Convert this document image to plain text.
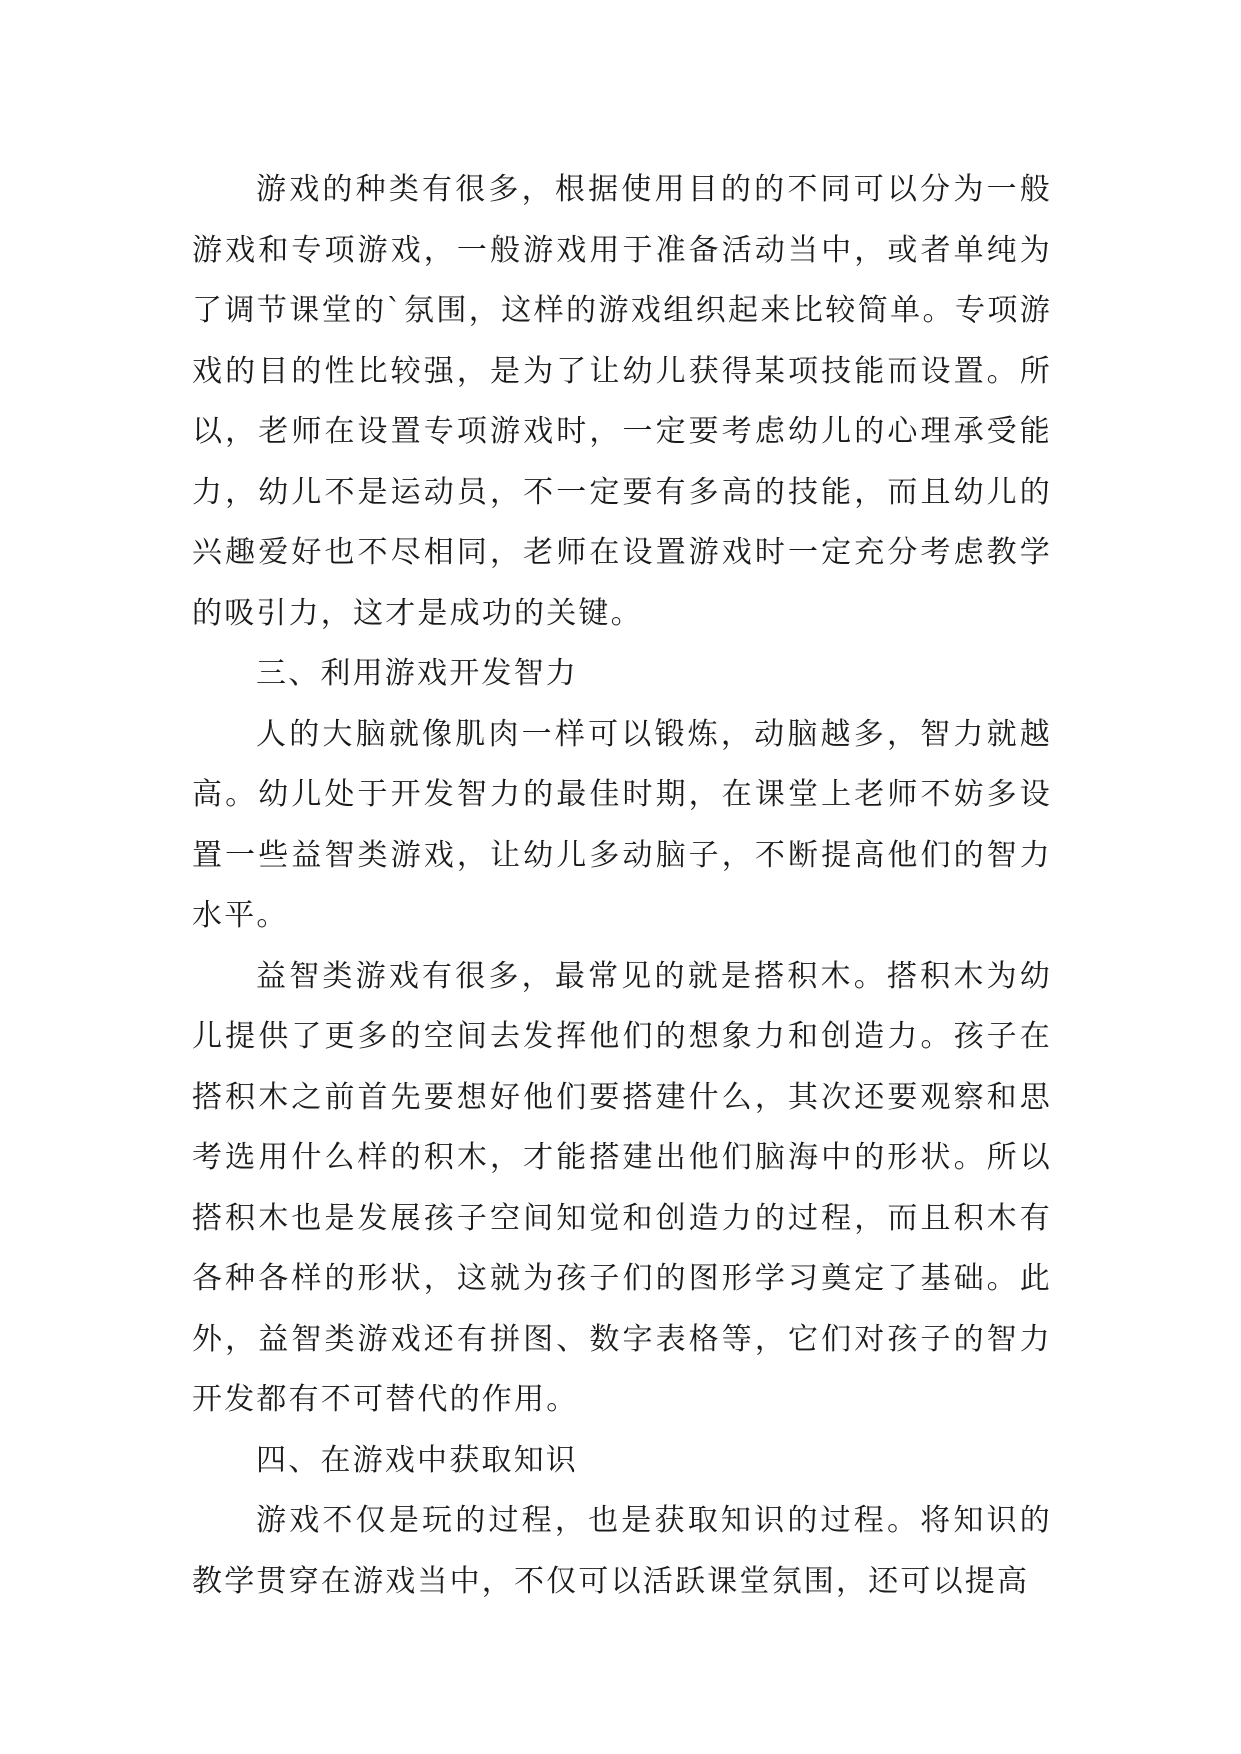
游戏的种类有很多，根据使用目的的不同可以分为一般游戏和专项游戏，一般游戏用于准备活动当中，或者单纯为了调节课堂的`氛围，这样的游戏组织起来比较简单。专项游戏的目的性比较强，是为了让幼儿获得某项技能而设置。所以，老师在设置专项游戏时，一定要考虑幼儿的心理承受能力，幼儿不是运动员，不一定要有多高的技能，而且幼儿的兴趣爱好也不尽相同，老师在设置游戏时一定充分考虑教学的吸引力，这才是成功的关键。

三、利用游戏开发智力

人的大脑就像肌肉一样可以锻炼，动脑越多，智力就越高。幼儿处于开发智力的最佳时期，在课堂上老师不妨多设置一些益智类游戏，让幼儿多动脑子，不断提高他们的智力水平。

益智类游戏有很多，最常见的就是搭积木。搭积木为幼儿提供了更多的空间去发挥他们的想象力和创造力。孩子在搭积木之前首先要想好他们要搭建什么，其次还要观察和思考选用什么样的积木，才能搭建出他们脑海中的形状。所以搭积木也是发展孩子空间知觉和创造力的过程，而且积木有各种各样的形状，这就为孩子们的图形学习奠定了基础。此外，益智类游戏还有拼图、数字表格等，它们对孩子的智力开发都有不可替代的作用。

四、在游戏中获取知识

游戏不仅是玩的过程，也是获取知识的过程。将知识的教学贯穿在游戏当中，不仅可以活跃课堂氛围，还可以提高
